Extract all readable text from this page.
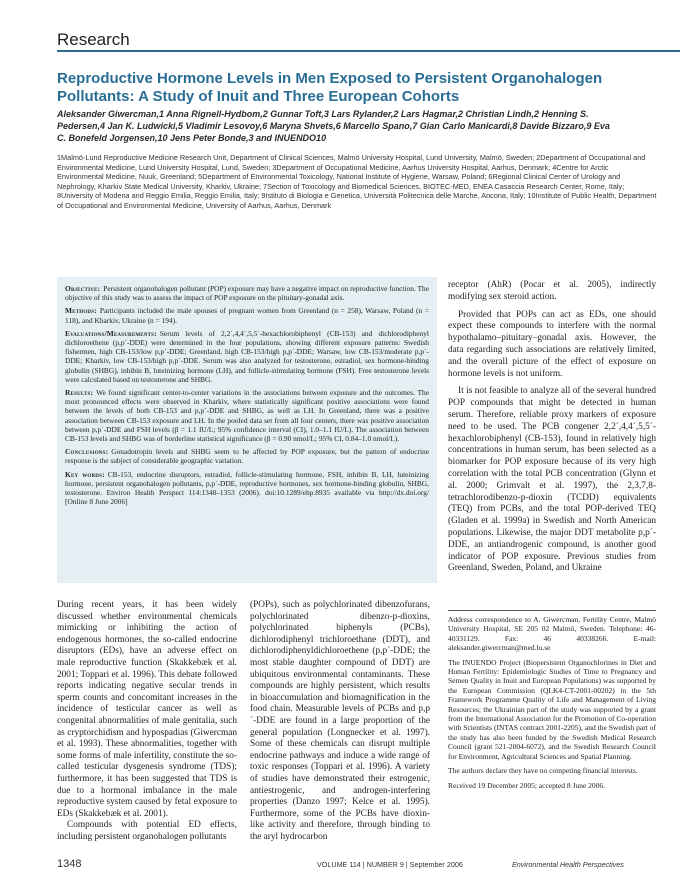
Research
Reproductive Hormone Levels in Men Exposed to Persistent Organohalogen Pollutants: A Study of Inuit and Three European Cohorts

Aleksander Giwercman,1 Anna Rignell-Hydbom,2 Gunnar Toft,3 Lars Rylander,2 Lars Hagmar,2 Christian Lindh,2 Henning S. Pedersen,4 Jan K. Ludwicki,5 Vladimir Lesovoy,6 Maryna Shvets,6 Marcello Spano,7 Gian Carlo Manicardi,8 Davide Bizzaro,9 Eva C. Bonefeld Jorgensen,10 Jens Peter Bonde,3 and INUENDO10

1Malmö-Lund Reproductive Medicine Research Unit, Department of Clinical Sciences, Malmö University Hospital, Lund University, Malmö, Sweden; 2Department of Occupational and Environmental Medicine, Lund University Hospital, Lund, Sweden; 3Department of Occupational Medicine, Aarhus University Hospital, Aarhus, Denmark; 4Centre for Arctic Environmental Medicine, Nuuk, Greenland; 5Department of Environmental Toxicology, National Institute of Hygiene, Warsaw, Poland; 6Regional Clinical Center of Urology and Nephrology, Kharkiv State Medical University, Kharkiv, Ukraine; 7Section of Toxicology and Biomedical Sciences, BIOTEC-MED, ENEA Casaccia Research Center, Rome, Italy; 8University of Modena and Reggio Emilia, Reggio Emilia, Italy; 9Istituto di Biologia e Genetica, Università Politecnica delle Marche, Ancona, Italy; 10Institute of Public Health, Department of Occupational and Environmental Medicine, University of Aarhus, Aarhus, Denmark

Objective: Persistent organohalogen pollutant (POP) exposure may have a negative impact on reproductive function. The objective of this study was to assess the impact of POP exposure on the pituitary-gonadal axis.

Methods: Participants included the male spouses of pregnant women from Greenland (n = 258), Warsaw, Poland (n = 118), and Kharkiv, Ukraine (n = 194).

Evaluations/Measurements: Serum levels of 2,2´,4,4´,5,5´-hexachlorobiphenyl (CB-153) and dichlorodiphenyl dichloroethene (p,p´-DDE) were determined in the four populations, showing different exposure patterns: Swedish fishermen, high CB-153/low p,p´-DDE; Greenland, high CB-153/high p,p´-DDE; Warsaw, low CB-153/moderate p,p´-DDE; Kharkiv, low CB-153/high p,p´-DDE. Serum was also analyzed for testosterone, estradiol, sex hormone-binding globulin (SHBG), inhibin B, luteinizing hormone (LH), and follicle-stimulating hormone (FSH). Free testosterone levels were calculated based on testosterone and SHBG.

Results: We found significant center-to-center variations in the associations between exposure and the outcomes. The most pronounced effects were observed in Kharkiv, where statistically significant positive associations were found between the levels of both CB-153 and p,p´-DDE and SHBG, as well as LH. In Greenland, there was a positive association between CB-153 exposure and LH. In the pooled data set from all four centers, there was positive association between p,p´-DDE and FSH levels (β = 1.1 IU/L; 95% confidence interval (CI), 1.0–1.1 IU/L). The association between CB-153 levels and SHBG was of borderline statistical significance (β = 0.90 nmol/L; 95% CI, 0.84–1.0 nmol/L).

Conclusions: Gonadotropin levels and SHBG seem to be affected by POP exposure, but the pattern of endocrine response is the subject of considerable geographic variation.

Key words: CB-153, endocrine disruptors, estradiol, follicle-stimulating hormone, FSH, inhibin B, LH, luteinizing hormone, persistent organohalogen pollutants, p,p´-DDE, reproductive hormones, sex hormone-binding globulin, SHBG, testosterone. Environ Health Perspect 114:1348–1353 (2006). doi:10.1289/ehp.8935 available via http://dx.doi.org/ [Online 8 June 2006]

receptor (AhR) (Pocar et al. 2005), indirectly modifying sex steroid action.

Provided that POPs can act as EDs, one should expect these compounds to interfere with the normal hypothalamo–pituitary–gonadal axis. However, the data regarding such associations are relatively limited, and the overall picture of the effect of exposure on hormone levels is not uniform.

It is not feasible to analyze all of the several hundred POP compounds that might be detected in human serum. Therefore, reliable proxy markers of exposure need to be used. The PCB congener 2,2´,4,4´,5,5´-hexachlorobiphenyl (CB-153), found in relatively high concentrations in human serum, has been selected as a biomarker for POP exposure because of its very high correlation with the total PCB concentration (Glynn et al. 2000; Grimvalt et al. 1997), the 2,3,7,8-tetrachlorodibenzo-p-dioxin (TCDD) equivalents (TEQ) from PCBs, and the total POP-derived TEQ (Gladen et al. 1999a) in Swedish and North American populations. Likewise, the major DDT metabolite p,p´-DDE, an antiandrogenic compound, is another good indicator of POP exposure. Previous studies from Greenland, Sweden, Poland, and Ukraine

During recent years, it has been widely discussed whether environmental chemicals mimicking or inhibiting the action of endogenous hormones, the so-called endocrine disruptors (EDs), have an adverse effect on male reproductive function (Skakkebæk et al. 2001; Toppari et al. 1996). This debate followed reports indicating negative secular trends in sperm counts and concomitant increases in the incidence of testicular cancer as well as congenital abnormalities of male genitalia, such as cryptorchidism and hypospadias (Giwercman et al. 1993). These abnormalities, together with some forms of male infertility, constitute the so-called testicular dysgenesis syndrome (TDS); furthermore, it has been suggested that TDS is due to a hormonal imbalance in the male reproductive system caused by fetal exposure to EDs (Skakkebæk et al. 2001).

Compounds with potential ED effects, including persistent organohalogen pollutants

(POPs), such as polychlorinated dibenzofurans, polychlorinated dibenzo-p-dioxins, polychlorinated biphenyls (PCBs), dichlorodiphenyl trichloroethane (DDT), and dichlorodiphenyldichloroethene (p,p´-DDE; the most stable daughter compound of DDT) are ubiquitous environmental contaminants. These compounds are highly persistent, which results in bioaccumulation and biomagnification in the food chain. Measurable levels of PCBs and p,p´-DDE are found in a large proportion of the general population (Longnecker et al. 1997). Some of these chemicals can disrupt multiple endocrine pathways and induce a wide range of toxic responses (Toppari et al. 1996). A variety of studies have demonstrated their estrogenic, antiestrogenic, and androgen-interfering properties (Danzo 1997; Kelce et al. 1995). Furthermore, some of the PCBs have dioxin-like activity and therefore, through binding to the aryl hydrocarbon

Address correspondence to A. Giwercman, Fertility Centre, Malmö University Hospital, SE 205 02 Malmö, Sweden. Telephone: 46-40331129. Fax: 46 40338266. E-mail: aleksander.giwercman@med.lu.se

The INUENDO Project (Biopersistent Organochlorines in Diet and Human Fertility: Epidemiologic Studies of Time to Pregnancy and Semen Quality in Inuit and European Populations) was supported by the European Commission (QLK4-CT-2001-00202) in the 5th Framework Programme Quality of Life and Management of Living Resources; the Ukrainian part of the study was supported by a grant from the International Association for the Promotion of Co-operation with Scientists (INTAS contract 2001-2205), and the Swedish part of the study has also been funded by the Swedish Medical Research Council (grant 521-2004-6072), and the Swedish Research Council for Environment, Agricultural Sciences and Spatial Planning.

The authors declare they have no competing financial interests.

Received 19 December 2005; accepted 8 June 2006.

1348	VOLUME 114 | NUMBER 9 | September 2006	Environmental Health Perspectives
